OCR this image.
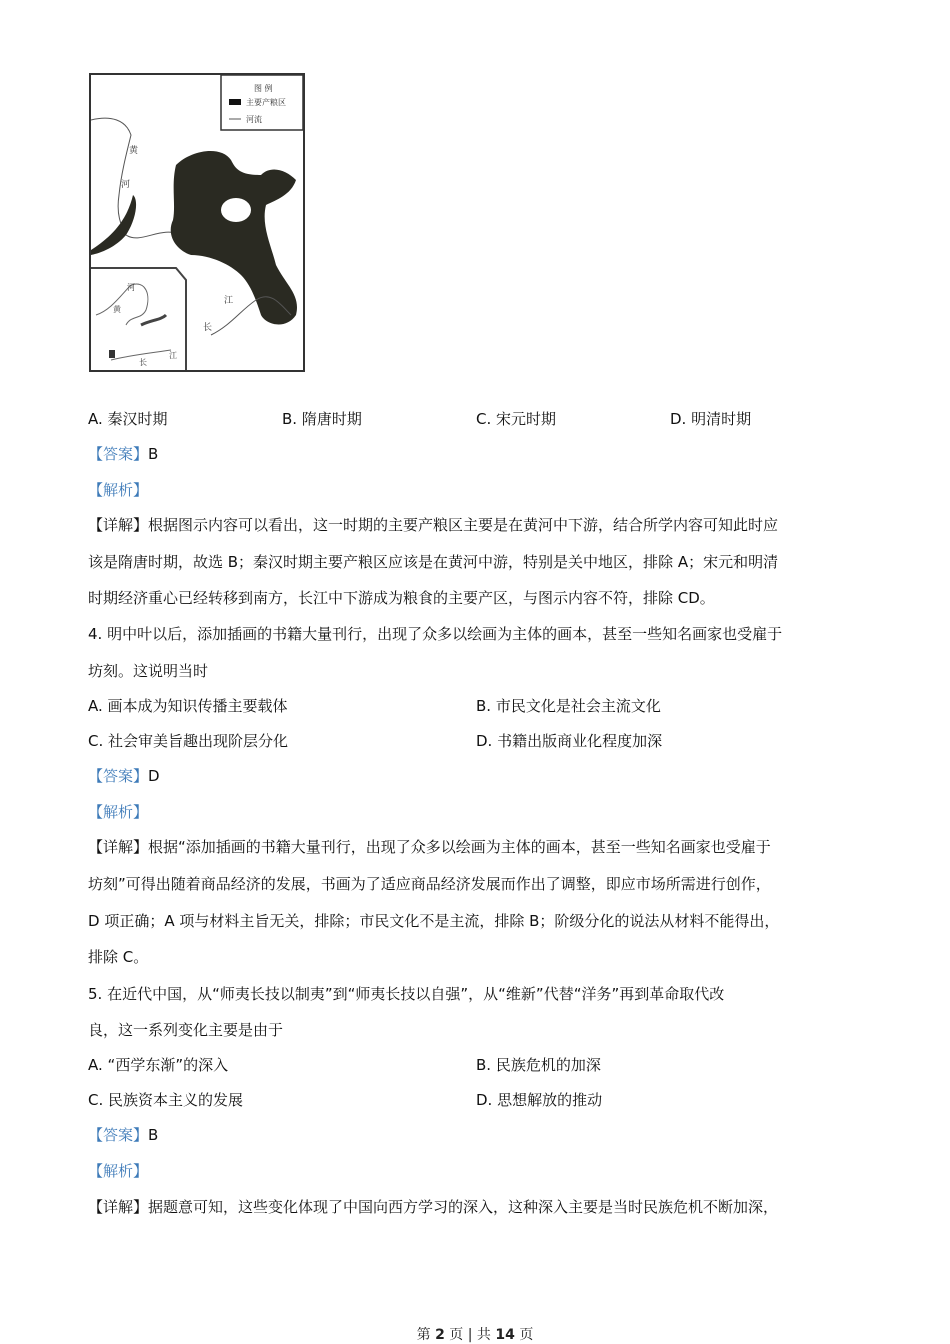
图 例
主要产粮区
河流
黄
河
江
长
河
黄
长
江
A. 秦汉时期	B. 隋唐时期	C. 宋元时期	D. 明清时期
【答案】B
【解析】
【详解】根据图示内容可以看出，这一时期的主要产粮区主要是在黄河中下游，结合所学内容可知此时应
该是隋唐时期，故选 B；秦汉时期主要产粮区应该是在黄河中游，特别是关中地区，排除 A；宋元和明清
时期经济重心已经转移到南方，长江中下游成为粮食的主要产区，与图示内容不符，排除 CD。
4. 明中叶以后，添加插画的书籍大量刊行，出现了众多以绘画为主体的画本，甚至一些知名画家也受雇于
坊刻。这说明当时
A. 画本成为知识传播主要载体	B. 市民文化是社会主流文化
C. 社会审美旨趣出现阶层分化	D. 书籍出版商业化程度加深
【答案】D
【解析】
【详解】根据“添加插画的书籍大量刊行，出现了众多以绘画为主体的画本，甚至一些知名画家也受雇于
坊刻”可得出随着商品经济的发展，书画为了适应商品经济发展而作出了调整，即应市场所需进行创作，
D 项正确；A 项与材料主旨无关，排除；市民文化不是主流，排除 B；阶级分化的说法从材料不能得出，
排除 C。
5. 在近代中国，从“师夷长技以制夷”到“师夷长技以自强”，从“维新”代替“洋务”再到革命取代改
良，这一系列变化主要是由于
A. “西学东渐”的深入	B. 民族危机的加深
C. 民族资本主义的发展	D. 思想解放的推动
【答案】B
【解析】
【详解】据题意可知，这些变化体现了中国向西方学习的深入，这种深入主要是当时民族危机不断加深，
第 2 页 | 共 14 页
